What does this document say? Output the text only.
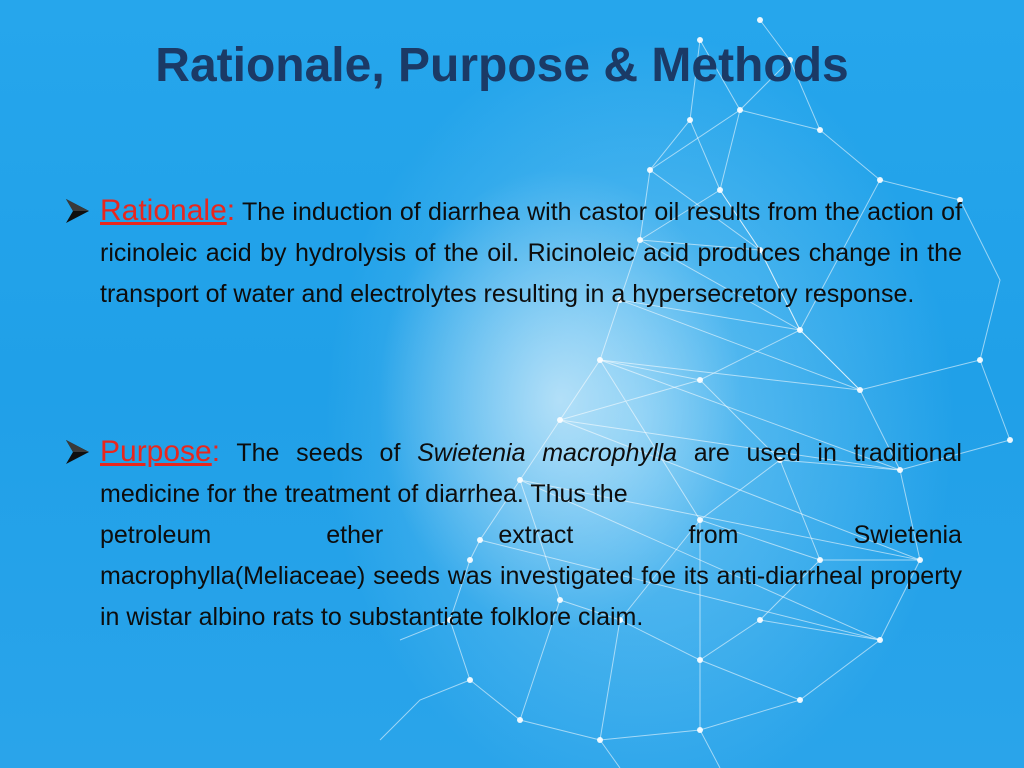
Rationale, Purpose & Methods
Rationale: The induction of diarrhea with castor oil results from the action of ricinoleic acid by hydrolysis of the oil. Ricinoleic acid produces change in the transport of water and electrolytes resulting in a hypersecretory response.
Purpose: The seeds of Swietenia macrophylla are used in traditional medicine for the treatment of diarrhea. Thus the
petroleum	ether	extract	from	Swietenia
macrophylla(Meliaceae) seeds was investigated foe its anti-diarrheal property in wistar albino rats to substantiate folklore claim.
